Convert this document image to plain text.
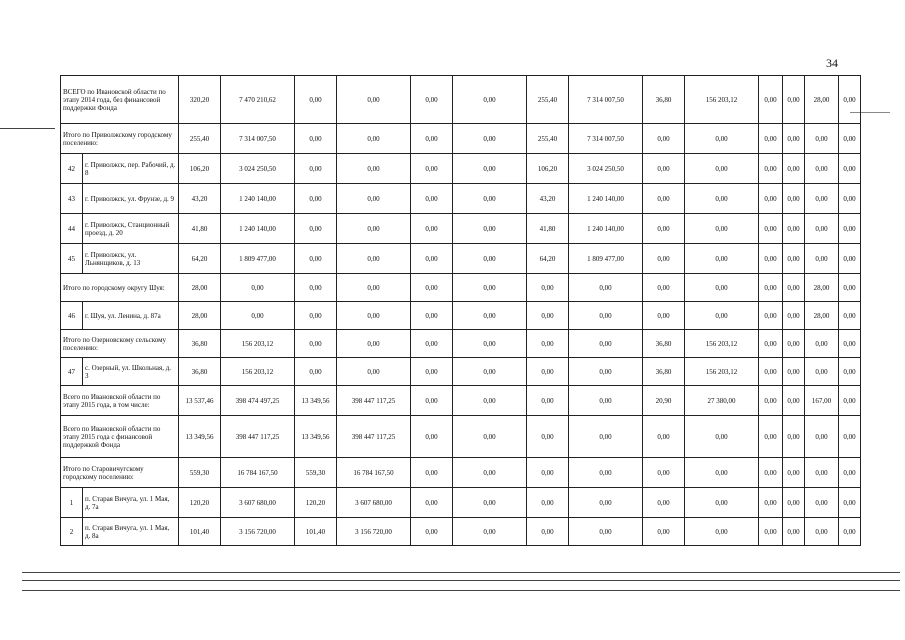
34
ВСЕГО по Ивановской области по этапу 2014 года, без финансовой поддержки Фонда		320,20	7 470 210,62	0,00	0,00	0,00	0,00	255,40	7 314 007,50	36,80	156 203,12	0,00	0,00	28,00	0,00
Итого по Приволжскому городскому поселению:		255,40	7 314 007,50	0,00	0,00	0,00	0,00	255,40	7 314 007,50	0,00	0,00	0,00	0,00	0,00	0,00
42	г. Приволжск, пер. Рабочий, д. 8	106,20	3 024 250,50	0,00	0,00	0,00	0,00	106,20	3 024 250,50	0,00	0,00	0,00	0,00	0,00	0,00
43	г. Приволжск, ул. Фрунзе, д. 9	43,20	1 240 140,00	0,00	0,00	0,00	0,00	43,20	1 240 140,00	0,00	0,00	0,00	0,00	0,00	0,00
44	г. Приволжск, Станционный проезд, д. 20	41,80	1 240 140,00	0,00	0,00	0,00	0,00	41,80	1 240 140,00	0,00	0,00	0,00	0,00	0,00	0,00
45	г. Приволжск, ул. Льнянщиков, д. 13	64,20	1 809 477,00	0,00	0,00	0,00	0,00	64,20	1 809 477,00	0,00	0,00	0,00	0,00	0,00	0,00
Итого по городскому округу Шуя:		28,00	0,00	0,00	0,00	0,00	0,00	0,00	0,00	0,00	0,00	0,00	0,00	28,00	0,00
46	г. Шуя, ул. Ленина, д. 87а	28,00	0,00	0,00	0,00	0,00	0,00	0,00	0,00	0,00	0,00	0,00	0,00	28,00	0,00
Итого по Озерновскому сельскому поселению:		36,80	156 203,12	0,00	0,00	0,00	0,00	0,00	0,00	36,80	156 203,12	0,00	0,00	0,00	0,00
47	с. Озерный, ул. Школьная, д. 3	36,80	156 203,12	0,00	0,00	0,00	0,00	0,00	0,00	36,80	156 203,12	0,00	0,00	0,00	0,00
Всего по Ивановской области по этапу 2015 года, в том числе:		13 537,46	398 474 497,25	13 349,56	398 447 117,25	0,00	0,00	0,00	0,00	20,90	27 380,00	0,00	0,00	167,00	0,00
Всего по Ивановской области по этапу 2015 года с финансовой поддержкой Фонда		13 349,56	398 447 117,25	13 349,56	398 447 117,25	0,00	0,00	0,00	0,00	0,00	0,00	0,00	0,00	0,00	0,00
Итого по Старовичугскому городскому поселению:		559,30	16 784 167,50	559,30	16 784 167,50	0,00	0,00	0,00	0,00	0,00	0,00	0,00	0,00	0,00	0,00
1	п. Старая Вичуга, ул. 1 Мая, д. 7а	120,20	3 607 680,00	120,20	3 607 680,00	0,00	0,00	0,00	0,00	0,00	0,00	0,00	0,00	0,00	0,00
2	п. Старая Вичуга, ул. 1 Мая, д. 8а	101,40	3 156 720,00	101,40	3 156 720,00	0,00	0,00	0,00	0,00	0,00	0,00	0,00	0,00	0,00	0,00
